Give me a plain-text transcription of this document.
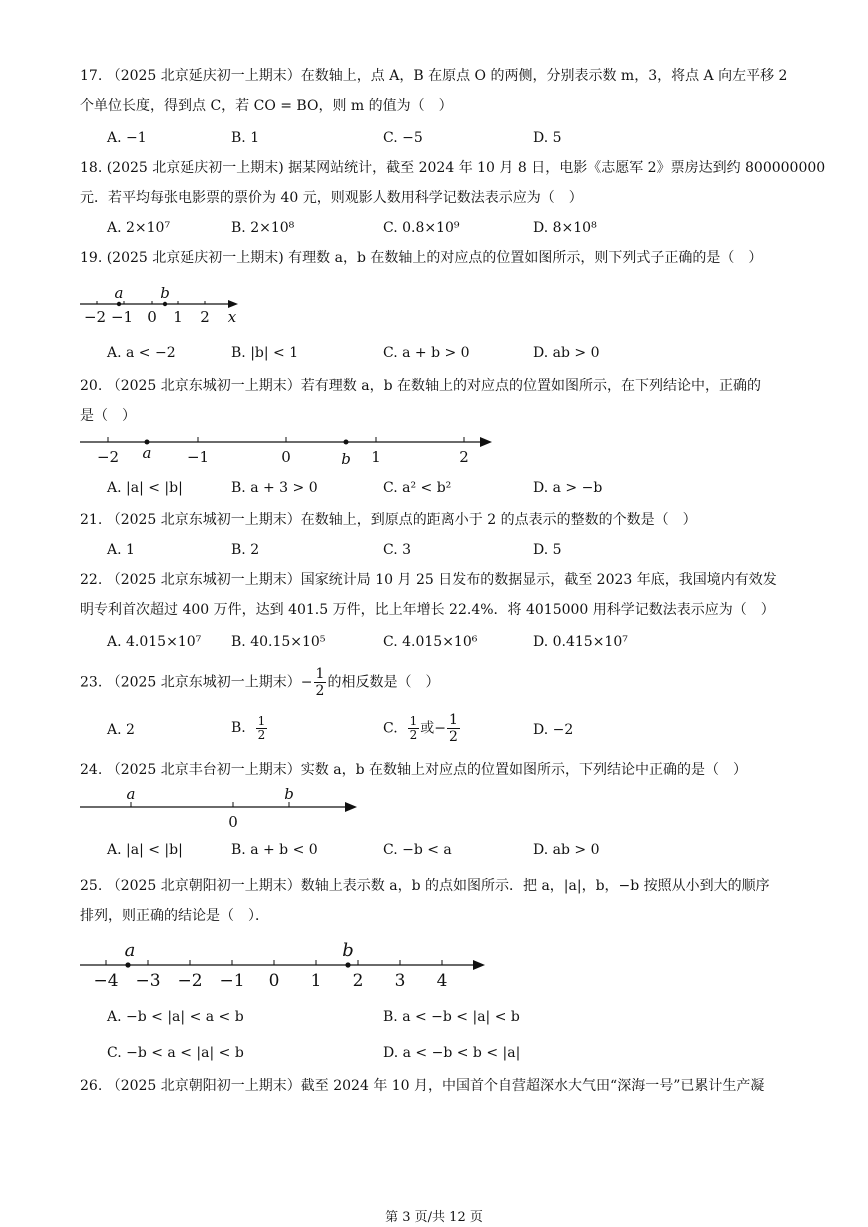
17. （2025 北京延庆初一上期末）在数轴上，点 A，B 在原点 O 的两侧，分别表示数 m，3，将点 A 向左平移 2
个单位长度，得到点 C，若 CO = BO，则 m 的值为（　）
A. −1	B. 1	C. −5	D. 5
18. (2025 北京延庆初一上期末) 据某网站统计，截至 2024 年 10 月 8 日，电影《志愿军 2》票房达到约 800000000
元．若平均每张电影票的票价为 40 元，则观影人数用科学记数法表示应为（　）
A. 2×10⁷	B. 2×10⁸	C. 0.8×10⁹	D. 8×10⁸
19. (2025 北京延庆初一上期末) 有理数 a，b 在数轴上的对应点的位置如图所示，则下列式子正确的是（　）
a b
−2 −1 0 1 2 x
A. a < −2	B. |b| < 1	C. a + b > 0	D. ab > 0
20. （2025 北京东城初一上期末）若有理数 a，b 在数轴上的对应点的位置如图所示，在下列结论中，正确的
是（　）
−2 a −1	0	b 1	2
A. |a| < |b|	B. a + 3 > 0	C. a² < b²	D. a > −b
21. （2025 北京东城初一上期末）在数轴上，到原点的距离小于 2 的点表示的整数的个数是（　）
A. 1	B. 2	C. 3	D. 5
22. （2025 北京东城初一上期末）国家统计局 10 月 25 日发布的数据显示，截至 2023 年底，我国境内有效发
明专利首次超过 400 万件，达到 401.5 万件，比上年增长 22.4%．将 4015000 用科学记数法表示应为（　）
A. 4.015×10⁷ B. 40.15×10⁵	C. 4.015×10⁶	D. 0.415×10⁷
23. （2025 北京东城初一上期末）− $\frac{1}{2}$ 的相反数是（　）
A. 2	B. $\frac{1}{2}$	C. $\frac{1}{2}$ 或− $\frac{1}{2}$	D. −2
24. （2025 北京丰台初一上期末）实数 a，b 在数轴上对应点的位置如图所示，下列结论中正确的是（　）
a	b
0
A. |a| < |b|	B. a + b < 0	C. −b < a	D. ab > 0
25. （2025 北京朝阳初一上期末）数轴上表示数 a，b 的点如图所示．把 a，|a|，b，−b 按照从小到大的顺序
排列，则正确的结论是（　）．
a	b
−4 −3 −2 −1 0 1 2 3 4
A. −b < |a| < a < b	B. a < −b < |a| < b
C. −b < a < |a| < b	D. a < −b < b < |a|
26. （2025 北京朝阳初一上期末）截至 2024 年 10 月，中国首个自营超深水大气田“深海一号”已累计生产凝
第 3 页/共 12 页
